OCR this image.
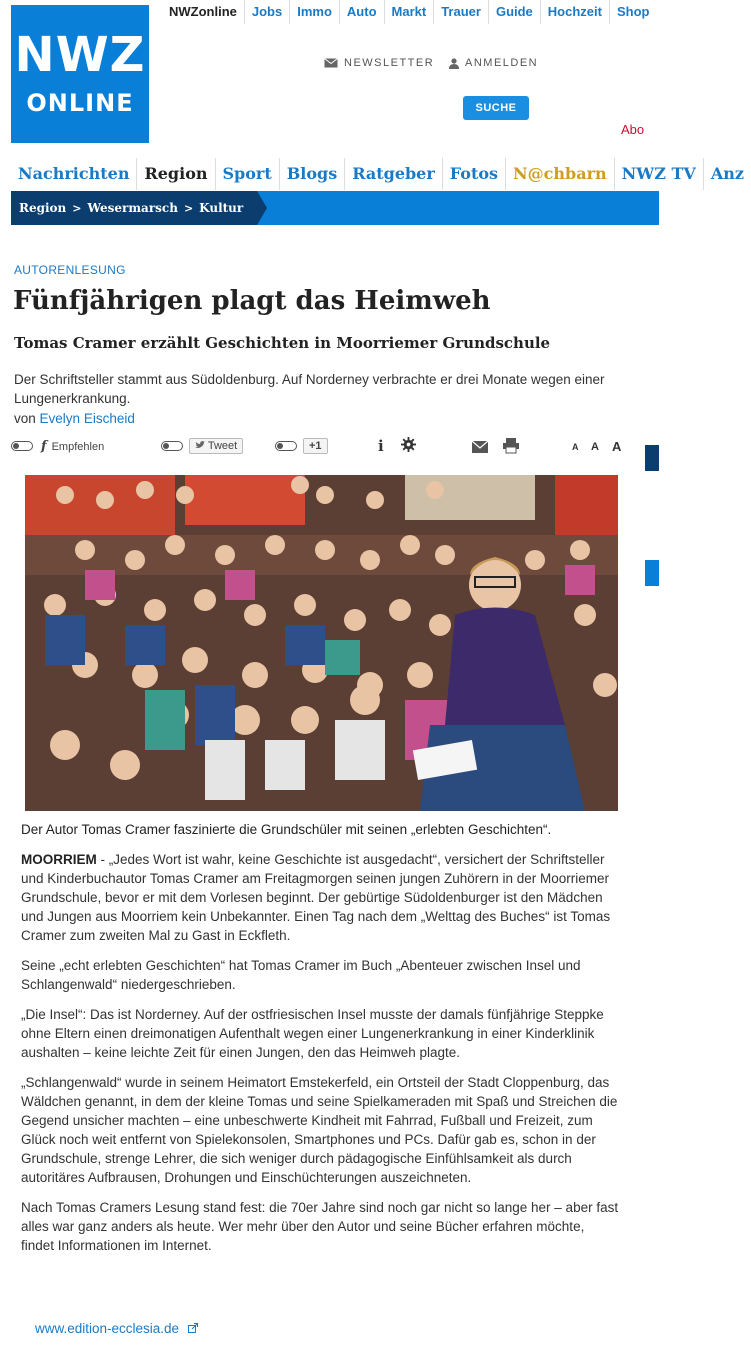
NWZ
ONLINE
NWZonline	Jobs	Immo	Auto	Markt	Trauer	Guide	Hochzeit	Shop
NEWSLETTER	ANMELDEN
SUCHE
Abo
Nachrichten Region Sport Blogs Ratgeber Fotos N@chbarn NWZ TV Anz
Region > Wesermarsch > Kultur
AUTORENLESUNG
Fünfjährigen plagt das Heimweh
Tomas Cramer erzählt Geschichten in Moorriemer Grundschule
Der Schriftsteller stammt aus Südoldenburg. Auf Norderney verbrachte er drei Monate wegen einer Lungenerkrankung.
von Evelyn Eischeid
f Empfehlen	Tweet	+1	i	A A A
Der Autor Tomas Cramer faszinierte die Grundschüler mit seinen „erlebten Geschichten“.

MOORRIEM - „Jedes Wort ist wahr, keine Geschichte ist ausgedacht“, versichert der Schriftsteller und Kinderbuchautor Tomas Cramer am Freitagmorgen seinen jungen Zuhörern in der Moorriemer Grundschule, bevor er mit dem Vorlesen beginnt. Der gebürtige Südoldenburger ist den Mädchen und Jungen aus Moorriem kein Unbekannter. Einen Tag nach dem „Welttag des Buches“ ist Tomas Cramer zum zweiten Mal zu Gast in Eckfleth.

Seine „echt erlebten Geschichten“ hat Tomas Cramer im Buch „Abenteuer zwischen Insel und Schlangenwald“ niedergeschrieben.

„Die Insel“: Das ist Norderney. Auf der ostfriesischen Insel musste der damals fünfjährige Steppke ohne Eltern einen dreimonatigen Aufenthalt wegen einer Lungenerkrankung in einer Kinderklinik aushalten – keine leichte Zeit für einen Jungen, den das Heimweh plagte.

„Schlangenwald“ wurde in seinem Heimatort Emstekerfeld, ein Ortsteil der Stadt Cloppenburg, das Wäldchen genannt, in dem der kleine Tomas und seine Spielkameraden mit Spaß und Streichen die Gegend unsicher machten – eine unbeschwerte Kindheit mit Fahrrad, Fußball und Freizeit, zum Glück noch weit entfernt von Spielekonsolen, Smartphones und PCs. Dafür gab es, schon in der Grundschule, strenge Lehrer, die sich weniger durch pädagogische Einfühlsamkeit als durch autoritäres Aufbrausen, Drohungen und Einschüchterungen auszeichneten.

Nach Tomas Cramers Lesung stand fest: die 70er Jahre sind noch gar nicht so lange her – aber fast alles war ganz anders als heute. Wer mehr über den Autor und seine Bücher erfahren möchte, findet Informationen im Internet.

www.edition-ecclesia.de
